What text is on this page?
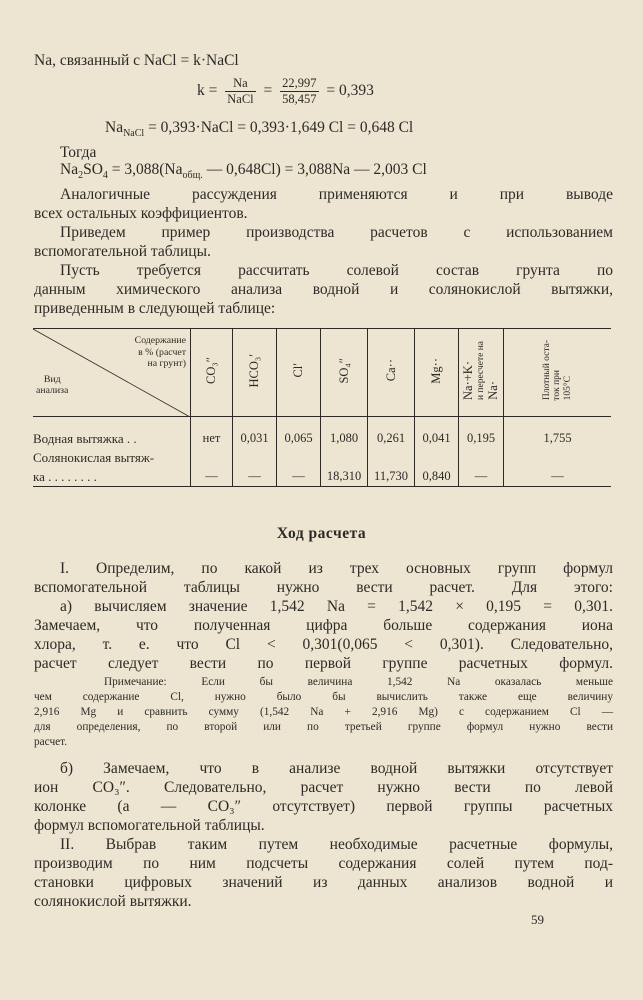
Na, связанный с NaCl = k·NaCl
$k = \frac{Na}{\text{NaCl}} = \frac{22,997}{58,457} = 0,393$
$Na_{NaCl}$ = 0,393·NaCl = 0,393·1,649 Cl = 0,648 Cl
Тогда
$Na_2SO_4 = 3,088(Na_{общ.}$ — 0,648Cl) = 3,088Na — 2,003 Cl
Аналогичные рассуждения применяются и при выводе
всех остальных коэффициентов.
Приведем пример производства расчетов с использованием
вспомогательной таблицы.
Пусть требуется рассчитать солевой состав грунта по
данным химического анализа водной и солянокислой вытяжки,
приведенным в следующей таблице:
Содержание
в % (расчет
на грунт)
Вид
анализа	CO₃″	HCO₃′	Cl′	SO₄″	Ca··	Mg··	Na·+K·и пересчете наNa·	Плотный оста-ток при105°C
Водная вытяжка . .	нет	0,031	0,065	1,080	0,261	0,041	0,195	1,755
Солянокислая вытяж-								
ка . . . . . . . .	—	—	—	18,310	11,730	0,840	—	—
Ход расчета
I. Определим, по какой из трех основных групп формул
вспомогательной таблицы нужно вести расчет. Для этого:
а) вычисляем значение 1,542 Na = 1,542 × 0,195 = 0,301.
Замечаем, что полученная цифра больше содержания иона
хлора, т. е. что Cl < 0,301(0,065 < 0,301). Следовательно,
расчет следует вести по первой группе расчетных формул.
Примечание: Если бы величина 1,542 Na оказалась меньше
чем содержание Cl, нужно было бы вычислить также еще величину
2,916 Mg и сравнить сумму (1,542 Na + 2,916 Mg) с содержанием Cl —
для определения, по второй или по третьей группе формул нужно вести
расчет.
б) Замечаем, что в анализе водной вытяжки отсутствует
ион CO₃″. Следовательно, расчет нужно вести по левой
колонке (а — CO₃″ отсутствует) первой группы расчетных
формул вспомогательной таблицы.
II. Выбрав таким путем необходимые расчетные формулы,
производим по ним подсчеты содержания солей путем под-
становки цифровых значений из данных анализов водной и
солянокислой вытяжки.
59
